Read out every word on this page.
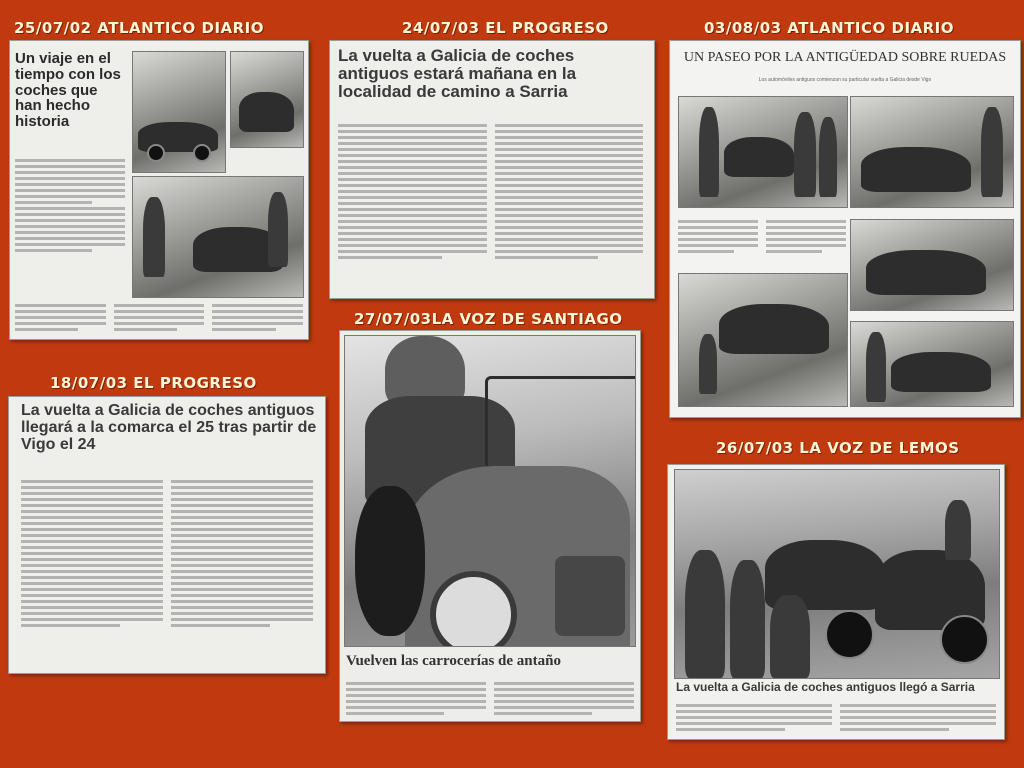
25/07/02 ATLANTICO DIARIO	24/07/03 EL PROGRESO	03/08/03 ATLANTICO DIARIO
27/07/03LA VOZ DE SANTIAGO
18/07/03 EL PROGRESO
26/07/03 LA VOZ DE LEMOS
Un viaje en el tiempo con los coches que han hecho historia
La vuelta a Galicia de coches antiguos estará mañana en la localidad de camino a Sarria
UN PASEO POR LA ANTIGÜEDAD SOBRE RUEDAS
Los automóviles antiguos comienzan su particular vuelta a Galicia desde Vigo
Vuelven las carrocerías de antaño
La vuelta a Galicia de coches antiguos llegará a la comarca el 25 tras partir de Vigo el 24
La vuelta a Galicia de coches antiguos llegó a Sarria
